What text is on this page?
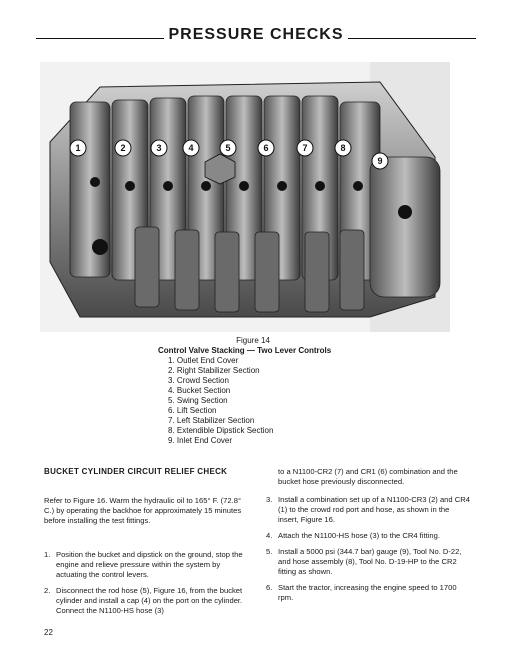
PRESSURE CHECKS
1	2	3	4	5	6	7	8
9
Figure 14
Control Valve Stacking — Two Lever Controls
1. Outlet End Cover
2. Right Stabilizer Section
3. Crowd Section
4. Bucket Section
5. Swing Section
6. Lift Section
7. Left Stabilizer Section
8. Extendible Dipstick Section
9. Inlet End Cover
BUCKET CYLINDER CIRCUIT RELIEF CHECK
Refer to Figure 16. Warm the hydraulic oil to 165° F. (72.8° C.) by operating the backhoe for approximately 15 minutes before installing the test fittings.
1. Position the bucket and dipstick on the ground, stop the engine and relieve pressure within the system by actuating the control levers.
2. Disconnect the rod hose (5), Figure 16, from the bucket cylinder and install a cap (4) on the port on the cylinder. Connect the N1100-HS hose (3)
to a N1100-CR2 (7) and CR1 (6) combination and the bucket hose previously disconnected.
3. Install a combination set up of a N1100-CR3 (2) and CR4 (1) to the crowd rod port and hose, as shown in the insert, Figure 16.
4. Attach the N1100-HS hose (3) to the CR4 fitting.
5. Install a 5000 psi (344.7 bar) gauge (9), Tool No. D-22, and hose assembly (8), Tool No. D-19-HP to the CR2 fitting as shown.
6. Start the tractor, increasing the engine speed to 1700 rpm.
22
